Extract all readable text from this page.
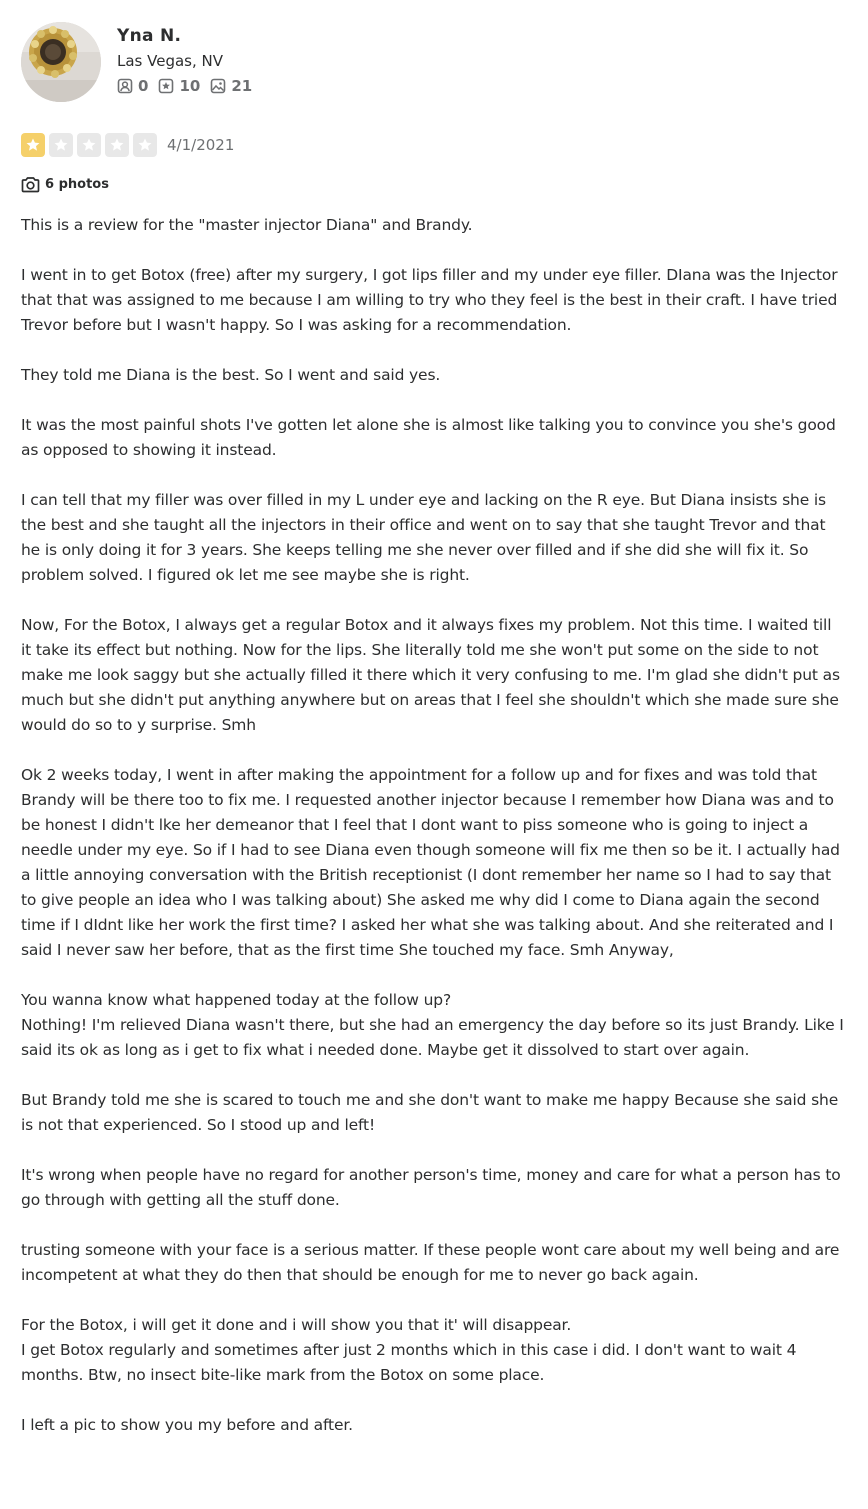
Yna N.
Las Vegas, NV
0 10 21
4/1/2021
6 photos

This is a review for the "master injector Diana" and Brandy.

I went in to get Botox (free) after my surgery, I got lips filler and my under eye filler. DIana was the Injector that that was assigned to me because I am willing to try who they feel is the best in their craft. I have tried Trevor before but I wasn't happy. So I was asking for a recommendation.

They told me Diana is the best. So I went and said yes.

It was the most painful shots I've gotten let alone she is almost like talking you to convince you she's good as opposed to showing it instead.

I can tell that my filler was over filled in my L under eye and lacking on the R eye. But Diana insists she is the best and she taught all the injectors in their office and went on to say that she taught Trevor and that he is only doing it for 3 years. She keeps telling me she never over filled and if she did she will fix it. So problem solved. I figured ok let me see maybe she is right.

Now, For the Botox, I always get a regular Botox and it always fixes my problem. Not this time. I waited till it take its effect but nothing. Now for the lips. She literally told me she won't put some on the side to not make me look saggy but she actually filled it there which it very confusing to me. I'm glad she didn't put as much but she didn't put anything anywhere but on areas that I feel she shouldn't which she made sure she would do so to y surprise. Smh

Ok 2 weeks today, I went in after making the appointment for a follow up and for fixes and was told that Brandy will be there too to fix me. I requested another injector because I remember how Diana was and to be honest I didn't lke her demeanor that I feel that I dont want to piss someone who is going to inject a needle under my eye. So if I had to see Diana even though someone will fix me then so be it. I actually had a little annoying conversation with the British receptionist (I dont remember her name so I had to say that to give people an idea who I was talking about) She asked me why did I come to Diana again the second time if I dIdnt like her work the first time? I asked her what she was talking about. And she reiterated and I said I never saw her before, that as the first time She touched my face. Smh Anyway,

You wanna know what happened today at the follow up?
Nothing! I'm relieved Diana wasn't there, but she had an emergency the day before so its just Brandy. Like I said its ok as long as i get to fix what i needed done. Maybe get it dissolved to start over again.

But Brandy told me she is scared to touch me and she don't want to make me happy Because she said she is not that experienced. So I stood up and left!

It's wrong when people have no regard for another person's time, money and care for what a person has to go through with getting all the stuff done.

trusting someone with your face is a serious matter. If these people wont care about my well being and are incompetent at what they do then that should be enough for me to never go back again.

For the Botox, i will get it done and i will show you that it' will disappear.
I get Botox regularly and sometimes after just 2 months which in this case i did. I don't want to wait 4 months. Btw, no insect bite-like mark from the Botox on some place.

I left a pic to show you my before and after.
